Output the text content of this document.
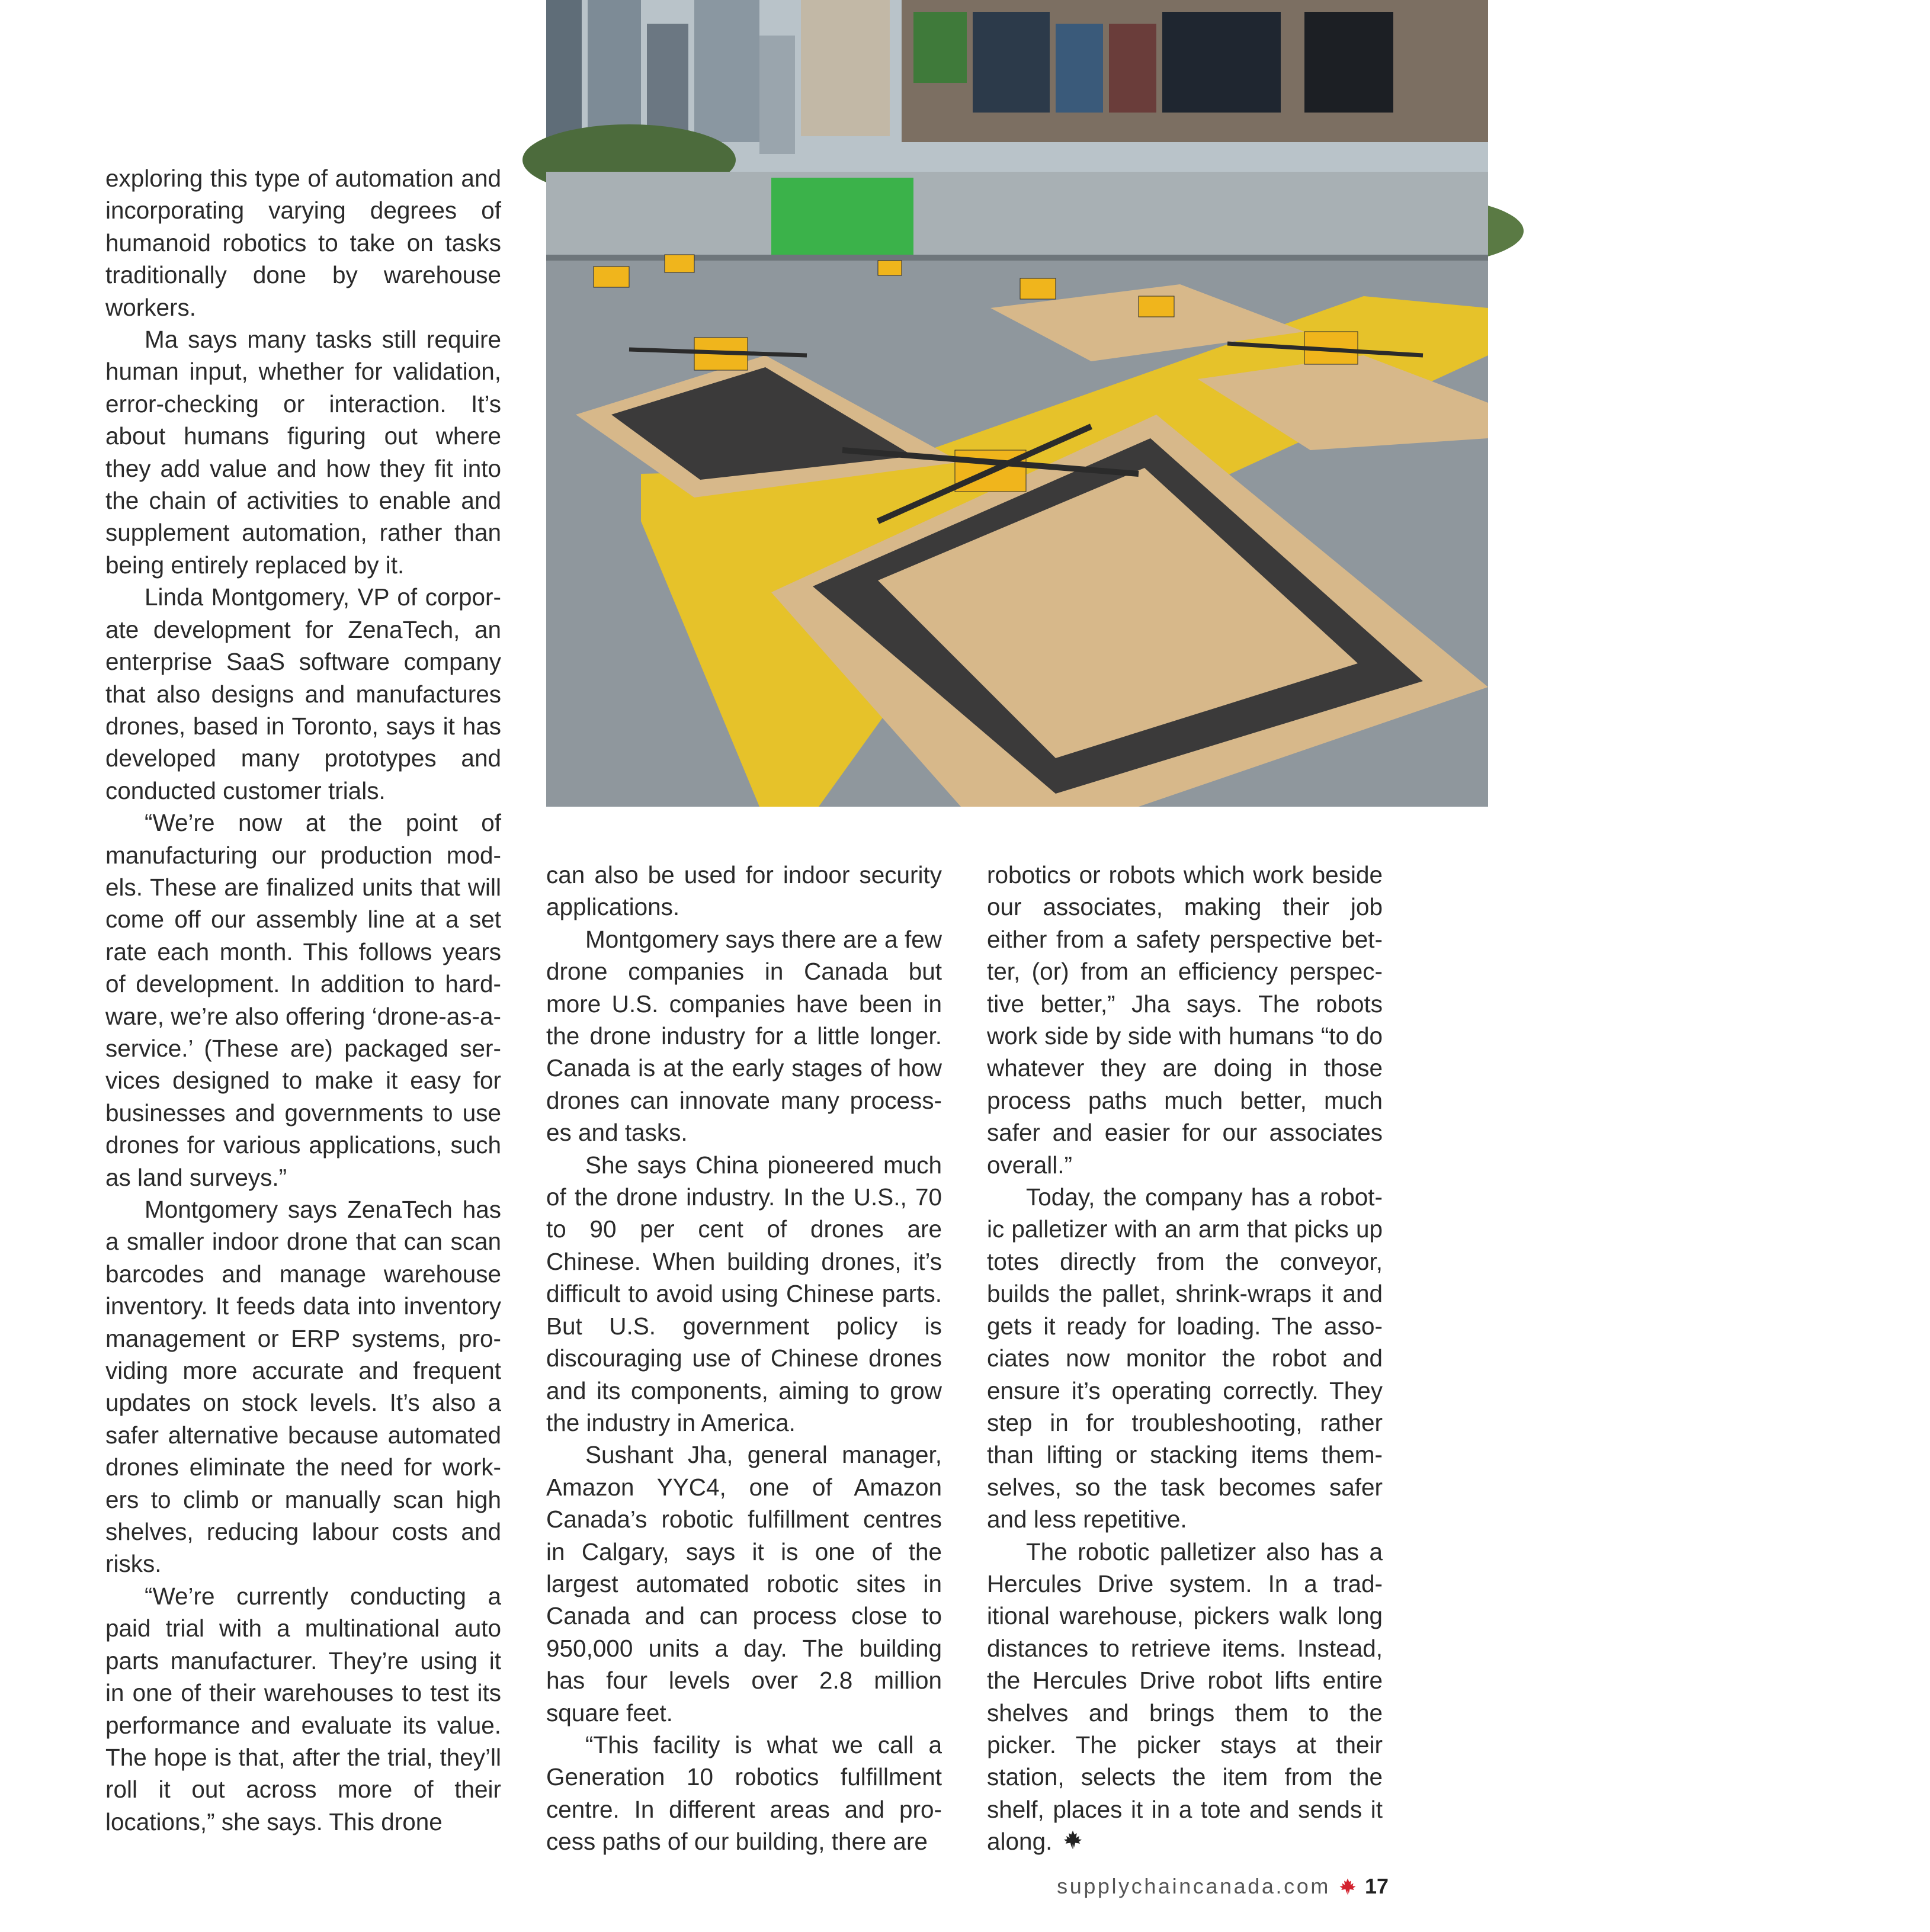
© Yucheung / shutterstock.com

exploring this type of automation and incorporating varying degrees of humanoid robotics to take on tasks traditionally done by warehouse workers.

Ma says many tasks still require human input, whether for validation, error-checking or interaction. It’s about humans figuring out where they add value and how they fit into the chain of activities to enable and supplement automation, rather than being entirely replaced by it.

Linda Montgomery, VP of corporate development for ZenaTech, an enterprise SaaS software company that also designs and manufactures drones, based in Toronto, says it has developed many prototypes and conducted customer trials.

“We’re now at the point of manufacturing our production models. These are finalized units that will come off our assembly line at a set rate each month. This follows years of development. In addition to hardware, we’re also offering ‘drone-as-a-service.’ (These are) packaged services designed to make it easy for businesses and governments to use drones for various applications, such as land surveys.”

Montgomery says ZenaTech has a smaller indoor drone that can scan barcodes and manage warehouse inventory. It feeds data into inventory management or ERP systems, providing more accurate and frequent updates on stock levels. It’s also a safer alternative because automated drones eliminate the need for workers to climb or manually scan high shelves, reducing labour costs and risks.

“We’re currently conducting a paid trial with a multinational auto parts manufacturer. They’re using it in one of their warehouses to test its performance and evaluate its value. The hope is that, after the trial, they’ll roll it out across more of their locations,” she says. This drone

can also be used for indoor security applications.

Montgomery says there are a few drone companies in Canada but more U.S. companies have been in the drone industry for a little longer. Canada is at the early stages of how drones can innovate many processes and tasks.

She says China pioneered much of the drone industry. In the U.S., 70 to 90 per cent of drones are Chinese. When building drones, it’s difficult to avoid using Chinese parts. But U.S. government policy is discouraging use of Chinese drones and its components, aiming to grow the industry in America.

Sushant Jha, general manager, Amazon YYC4, one of Amazon Canada’s robotic fulfillment centres in Calgary, says it is one of the largest automated robotic sites in Canada and can process close to 950,000 units a day. The building has four levels over 2.8 million square feet.

“This facility is what we call a Generation 10 robotics fulfillment centre. In different areas and process paths of our building, there are

robotics or robots which work beside our associates, making their job either from a safety perspective better, (or) from an efficiency perspective better,” Jha says. The robots work side by side with humans “to do whatever they are doing in those process paths much better, much safer and easier for our associates overall.”

Today, the company has a robotic palletizer with an arm that picks up totes directly from the conveyor, builds the pallet, shrink-wraps it and gets it ready for loading. The associates now monitor the robot and ensure it’s operating correctly. They step in for troubleshooting, rather than lifting or stacking items themselves, so the task becomes safer and less repetitive.

The robotic palletizer also has a Hercules Drive system. In a traditional warehouse, pickers walk long distances to retrieve items. Instead, the Hercules Drive robot lifts entire shelves and brings them to the picker. The picker stays at their station, selects the item from the shelf, places it in a tote and sends it along.

supplychaincanada.com 17
